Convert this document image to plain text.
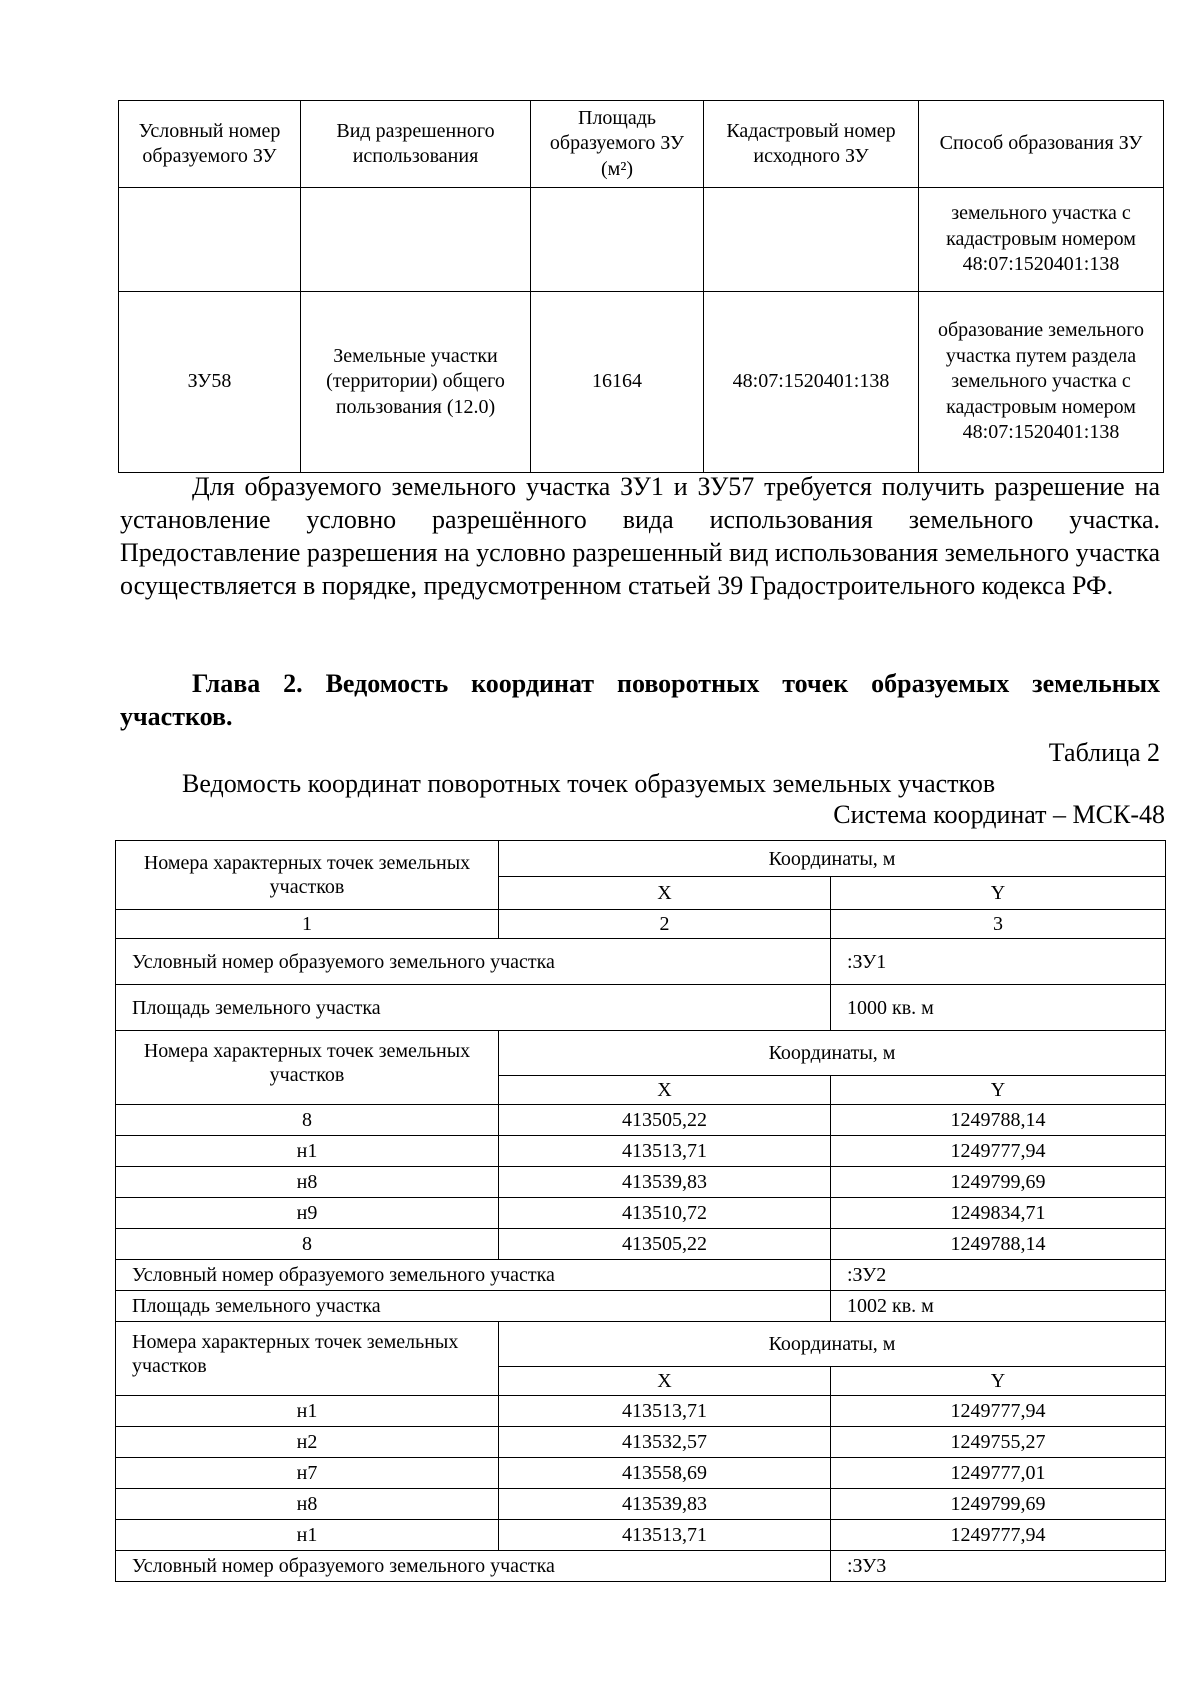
Условный номер образуемого ЗУ	Вид разрешенного использования	Площадь образуемого ЗУ (м²)	Кадастровый номер исходного ЗУ	Способ образования ЗУ
				земельного участка с кадастровым номером 48:07:1520401:138
ЗУ58	Земельные участки (территории) общего пользования (12.0)	16164	48:07:1520401:138	образование земельного участка путем раздела земельного участка с кадастровым номером 48:07:1520401:138

Для образуемого земельного участка ЗУ1 и ЗУ57 требуется получить разрешение на установление условно разрешённого вида использования земельного участка. Предоставление разрешения на условно разрешенный вид использования земельного участка осуществляется в порядке, предусмотренном статьей 39 Градостроительного кодекса РФ.

Глава 2. Ведомость координат поворотных точек образуемых земельных участков.

Таблица 2

Ведомость координат поворотных точек образуемых земельных участков

Система координат – МСК-48

Номера характерных точек земельных участков	Координаты, м	
	X	Y
1	2	3
Условный номер образуемого земельного участка		:ЗУ1
Площадь земельного участка		1000 кв. м
Номера характерных точек земельных участков	Координаты, м	
	X	Y
8	413505,22	1249788,14
н1	413513,71	1249777,94
н8	413539,83	1249799,69
н9	413510,72	1249834,71
8	413505,22	1249788,14
Условный номер образуемого земельного участка		:ЗУ2
Площадь земельного участка		1002 кв. м
Номера характерных точек земельных участков	Координаты, м	
	X	Y
н1	413513,71	1249777,94
н2	413532,57	1249755,27
н7	413558,69	1249777,01
н8	413539,83	1249799,69
н1	413513,71	1249777,94
Условный номер образуемого земельного участка		:ЗУ3
